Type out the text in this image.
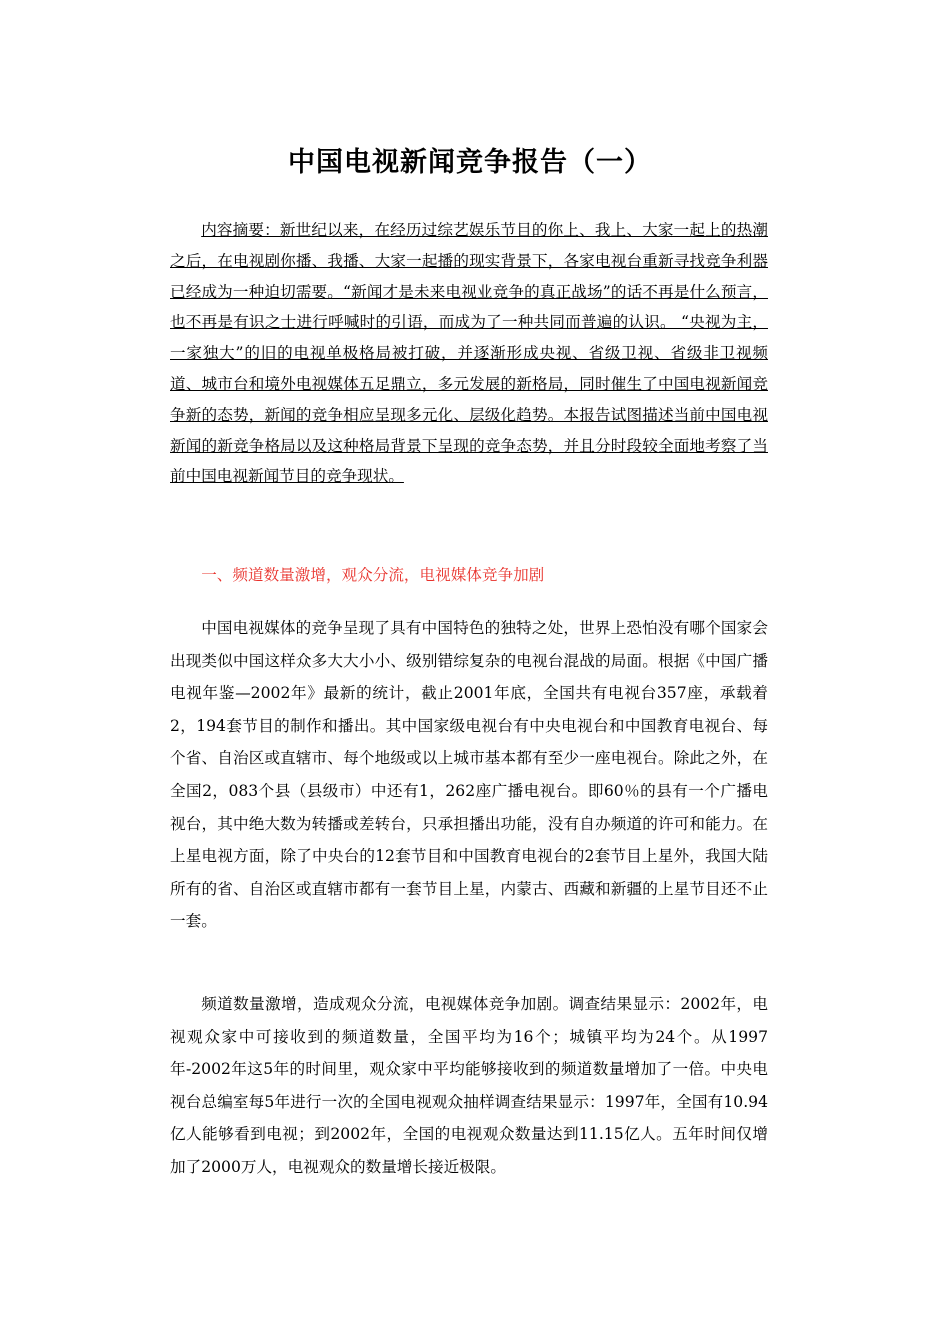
中国电视新闻竞争报告（一）

内容摘要：新世纪以来，在经历过综艺娱乐节目的你上、我上、大家一起上的热潮之后，在电视剧你播、我播、大家一起播的现实背景下，各家电视台重新寻找竞争利器已经成为一种迫切需要。“新闻才是未来电视业竞争的真正战场”的话不再是什么预言，也不再是有识之士进行呼喊时的引语，而成为了一种共同而普遍的认识。 “央视为主，一家独大”的旧的电视单极格局被打破，并逐渐形成央视、省级卫视、省级非卫视频道、城市台和境外电视媒体五足鼎立，多元发展的新格局，同时催生了中国电视新闻竞争新的态势，新闻的竞争相应呈现多元化、层级化趋势。本报告试图描述当前中国电视新闻的新竞争格局以及这种格局背景下呈现的竞争态势，并且分时段较全面地考察了当前中国电视新闻节目的竞争现状。

一、频道数量激增，观众分流，电视媒体竞争加剧

中国电视媒体的竞争呈现了具有中国特色的独特之处，世界上恐怕没有哪个国家会出现类似中国这样众多大大小小、级别错综复杂的电视台混战的局面。根据《中国广播电视年鉴—2002年》最新的统计，截止2001年底，全国共有电视台357座，承载着2，194套节目的制作和播出。其中国家级电视台有中央电视台和中国教育电视台、每个省、自治区或直辖市、每个地级或以上城市基本都有至少一座电视台。除此之外，在全国2，083个县（县级市）中还有1，262座广播电视台。即60％的县有一个广播电视台，其中绝大数为转播或差转台，只承担播出功能，没有自办频道的许可和能力。在上星电视方面，除了中央台的12套节目和中国教育电视台的2套节目上星外，我国大陆所有的省、自治区或直辖市都有一套节目上星，内蒙古、西藏和新疆的上星节目还不止一套。

频道数量激增，造成观众分流，电视媒体竞争加剧。调查结果显示：2002年，电视观众家中可接收到的频道数量，全国平均为16个；城镇平均为24个。从1997年-2002年这5年的时间里，观众家中平均能够接收到的频道数量增加了一倍。中央电视台总编室每5年进行一次的全国电视观众抽样调查结果显示：1997年，全国有10.94亿人能够看到电视；到2002年，全国的电视观众数量达到11.15亿人。五年时间仅增加了2000万人，电视观众的数量增长接近极限。
